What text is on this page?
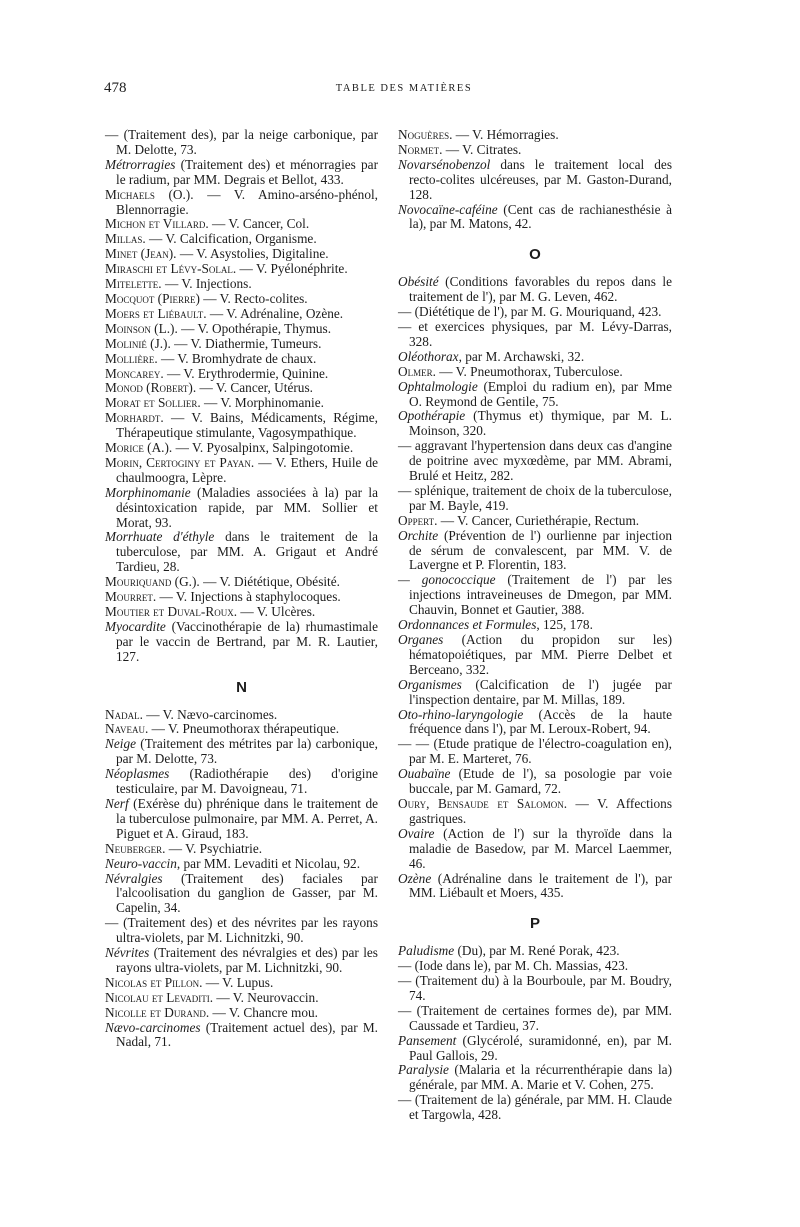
478	TABLE DES MATIÈRES

— (Traitement des), par la neige carbonique, par M. Delotte, 73.

Métrorragies (Traitement des) et ménorragies par le radium, par MM. Degrais et Bellot, 433.

Michaels (O.). — V. Amino-arséno-phénol, Blennorragie.

Michon et Villard. — V. Cancer, Col.

Millas. — V. Calcification, Organisme.

Minet (Jean). — V. Asystolies, Digitaline.

Miraschi et Lévy-Solal. — V. Pyélonéphrite.

Mitelette. — V. Injections.

Mocquot (Pierre) — V. Recto-colites.

Moers et Liébault. — V. Adrénaline, Ozène.

Moinson (L.). — V. Opothérapie, Thymus.

Molinié (J.). — V. Diathermie, Tumeurs.

Mollière. — V. Bromhydrate de chaux.

Moncarey. — V. Erythrodermie, Quinine.

Monod (Robert). — V. Cancer, Utérus.

Morat et Sollier. — V. Morphinomanie.

Morhardt. — V. Bains, Médicaments, Régime, Thérapeutique stimulante, Vagosympathique.

Morice (A.). — V. Pyosalpinx, Salpingotomie.

Morin, Certoginy et Payan. — V. Ethers, Huile de chaulmoogra, Lèpre.

Morphinomanie (Maladies associées à la) par la désintoxication rapide, par MM. Sollier et Morat, 93.

Morrhuate d'éthyle dans le traitement de la tuberculose, par MM. A. Grigaut et André Tardieu, 28.

Mouriquand (G.). — V. Diététique, Obésité.

Mourret. — V. Injections à staphylocoques.

Moutier et Duval-Roux. — V. Ulcères.

Myocardite (Vaccinothérapie de la) rhumastimale par le vaccin de Bertrand, par M. R. Lautier, 127.

N

Nadal. — V. Nævo-carcinomes.

Naveau. — V. Pneumothorax thérapeutique.

Neige (Traitement des métrites par la) carbonique, par M. Delotte, 73.

Néoplasmes (Radiothérapie des) d'origine testiculaire, par M. Davoigneau, 71.

Nerf (Exérèse du) phrénique dans le traitement de la tuberculose pulmonaire, par MM. A. Perret, A. Piguet et A. Giraud, 183.

Neuberger. — V. Psychiatrie.

Neuro-vaccin, par MM. Levaditi et Nicolau, 92.

Névralgies (Traitement des) faciales par l'alcoolisation du ganglion de Gasser, par M. Capelin, 34.

— (Traitement des) et des névrites par les rayons ultra-violets, par M. Lichnitzki, 90.

Névrites (Traitement des névralgies et des) par les rayons ultra-violets, par M. Lichnitzki, 90.

Nicolas et Pillon. — V. Lupus.

Nicolau et Levaditi. — V. Neurovaccin.

Nicolle et Durand. — V. Chancre mou.

Nævo-carcinomes (Traitement actuel des), par M. Nadal, 71.

Noguères. — V. Hémorragies.

Normet. — V. Citrates.

Novarsénobenzol dans le traitement local des recto-colites ulcéreuses, par M. Gaston-Durand, 128.

Novocaïne-caféine (Cent cas de rachianesthésie à la), par M. Matons, 42.

O

Obésité (Conditions favorables du repos dans le traitement de l'), par M. G. Leven, 462.

— (Diététique de l'), par M. G. Mouriquand, 423.

— et exercices physiques, par M. Lévy-Darras, 328.

Oléothorax, par M. Archawski, 32.

Olmer. — V. Pneumothorax, Tuberculose.

Ophtalmologie (Emploi du radium en), par Mme O. Reymond de Gentile, 75.

Opothérapie (Thymus et) thymique, par M. L. Moinson, 320.

— aggravant l'hypertension dans deux cas d'angine de poitrine avec myxœdème, par MM. Abrami, Brulé et Heitz, 282.

— splénique, traitement de choix de la tuberculose, par M. Bayle, 419.

Oppert. — V. Cancer, Curiethérapie, Rectum.

Orchite (Prévention de l') ourlienne par injection de sérum de convalescent, par MM. V. de Lavergne et P. Florentin, 183.

— gonococcique (Traitement de l') par les injections intraveineuses de Dmegon, par MM. Chauvin, Bonnet et Gautier, 388.

Ordonnances et Formules, 125, 178.

Organes (Action du propidon sur les) hématopoiétiques, par MM. Pierre Delbet et Berceano, 332.

Organismes (Calcification de l') jugée par l'inspection dentaire, par M. Millas, 189.

Oto-rhino-laryngologie (Accès de la haute fréquence dans l'), par M. Leroux-Robert, 94.

— — (Etude pratique de l'électro-coagulation en), par M. E. Marteret, 76.

Ouabaïne (Etude de l'), sa posologie par voie buccale, par M. Gamard, 72.

Oury, Bensaude et Salomon. — V. Affections gastriques.

Ovaire (Action de l') sur la thyroïde dans la maladie de Basedow, par M. Marcel Laemmer, 46.

Ozène (Adrénaline dans le traitement de l'), par MM. Liébault et Moers, 435.

P

Paludisme (Du), par M. René Porak, 423.

— (Iode dans le), par M. Ch. Massias, 423.

— (Traitement du) à la Bourboule, par M. Boudry, 74.

— (Traitement de certaines formes de), par MM. Caussade et Tardieu, 37.

Pansement (Glycérolé, suramidonné, en), par M. Paul Gallois, 29.

Paralysie (Malaria et la récurrenthérapie dans la) générale, par MM. A. Marie et V. Cohen, 275.

— (Traitement de la) générale, par MM. H. Claude et Targowla, 428.
